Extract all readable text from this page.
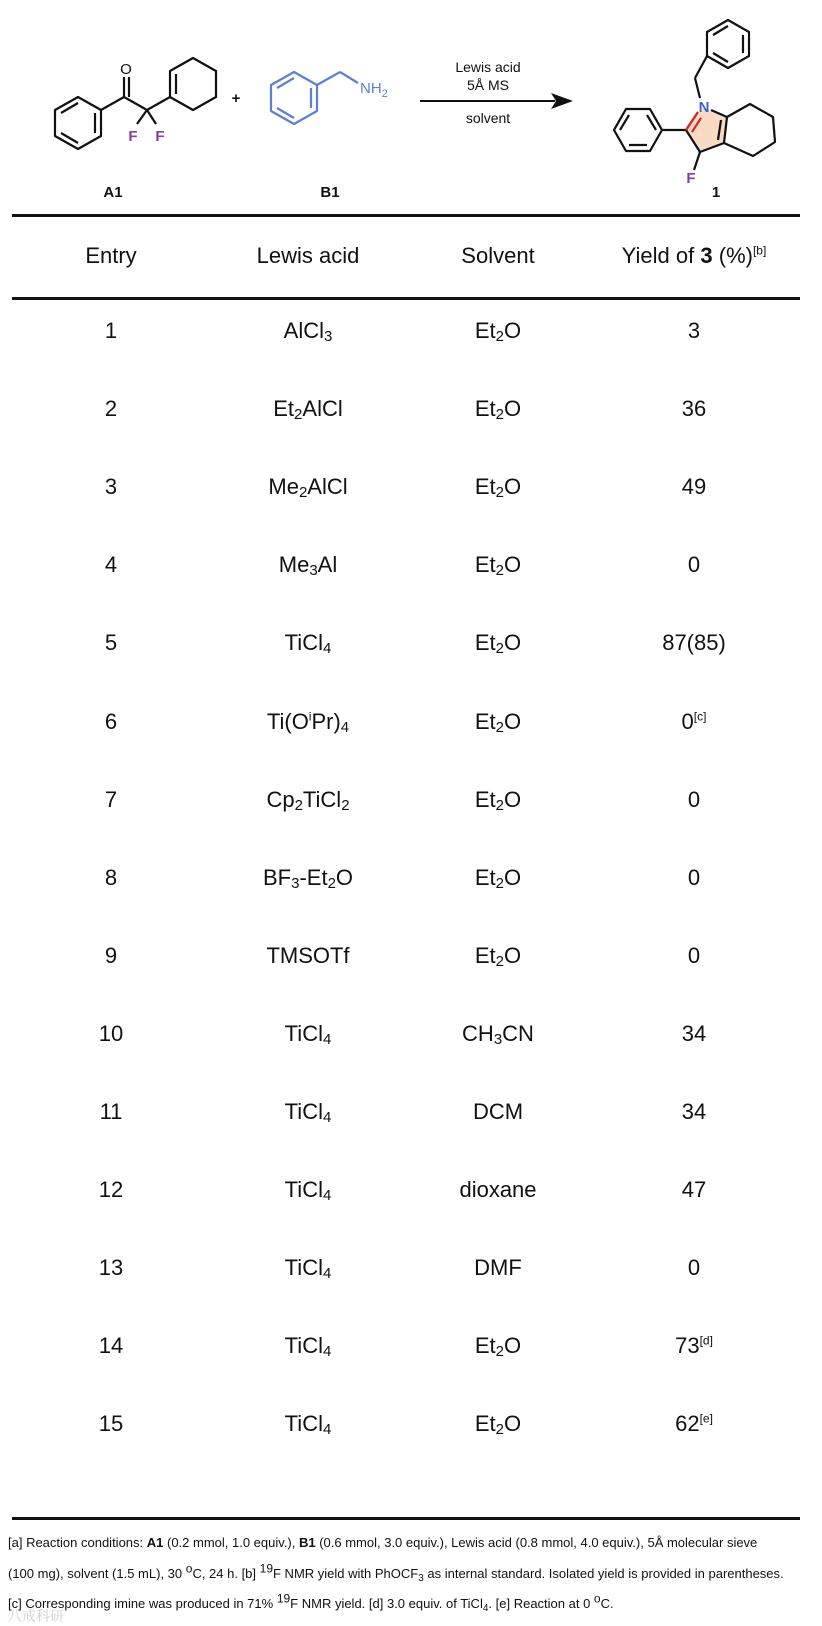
O
F F
+
$NH_2$
Lewis acid
5Å MS
solvent
N
F
A1	B1	1
Entry	Lewis acid	Solvent	Yield of 3 (%)[b]
1	AlCl$_3$	$Et_2O$	3
2	$Et_2AlCl$	$Et_2O$	36
3	$Me_2AlCl$	$Et_2O$	49
4	$Me_3Al$	$Et_2O$	0
5	TiCl$_4$	$Et_2O$	87(85)
6	$Ti(O^iPr)_4$	$Et_2O$	0[c]
7	$Cp_2TiCl_2$	$Et_2O$	0
8	$BF_3-Et_2O$	$Et_2O$	0
9	TMSOTf	$Et_2O$	0
10	TiCl$_4$	$CH_3CN$	34
11	TiCl$_4$	DCM	34
12	TiCl$_4$	dioxane	47
13	TiCl$_4$	DMF	0
14	TiCl$_4$	$Et_2O$	73[d]
15	TiCl$_4$	$Et_2O$	62[e]
[a] Reaction conditions: A1 (0.2 mmol, 1.0 equiv.), B1 (0.6 mmol, 3.0 equiv.), Lewis acid (0.8 mmol, 4.0 equiv.), 5Å molecular sieve
(100 mg), solvent (1.5 mL), 30 $^o$C, 24 h. [b] $^{19}$F NMR yield with PhOCF$_3$ as internal standard. Isolated yield is provided in parentheses.
[c] Corresponding imine was produced in 71% $^{19}$F NMR yield. [d] 3.0 equiv. of TiCl$_4$. [e] Reaction at 0 $^o$C.
八戒科研
